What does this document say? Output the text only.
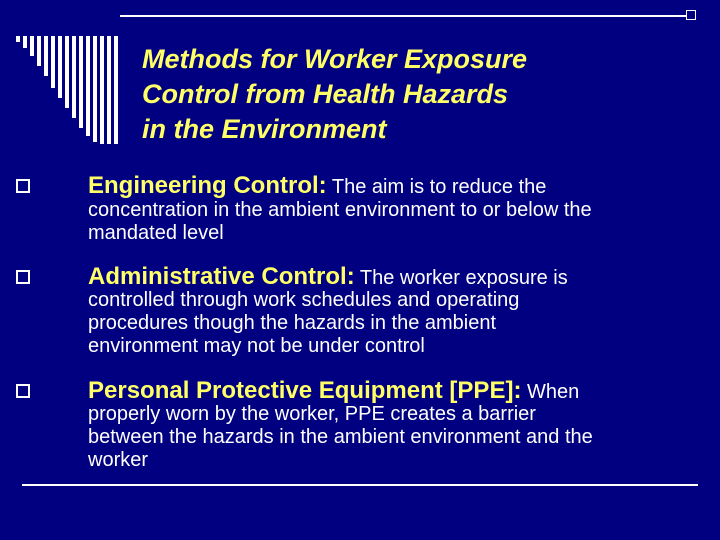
Methods for Worker Exposure
Control from Health Hazards
in the Environment
Engineering Control: The aim is to reduce the
concentration in the ambient environment to or below the
mandated level
Administrative Control: The worker exposure is
controlled through work schedules and operating
procedures though the hazards in the ambient
environment may not be under control
Personal Protective Equipment [PPE]: When
properly worn by the worker, PPE creates a barrier
between the hazards in the ambient environment and the
worker
